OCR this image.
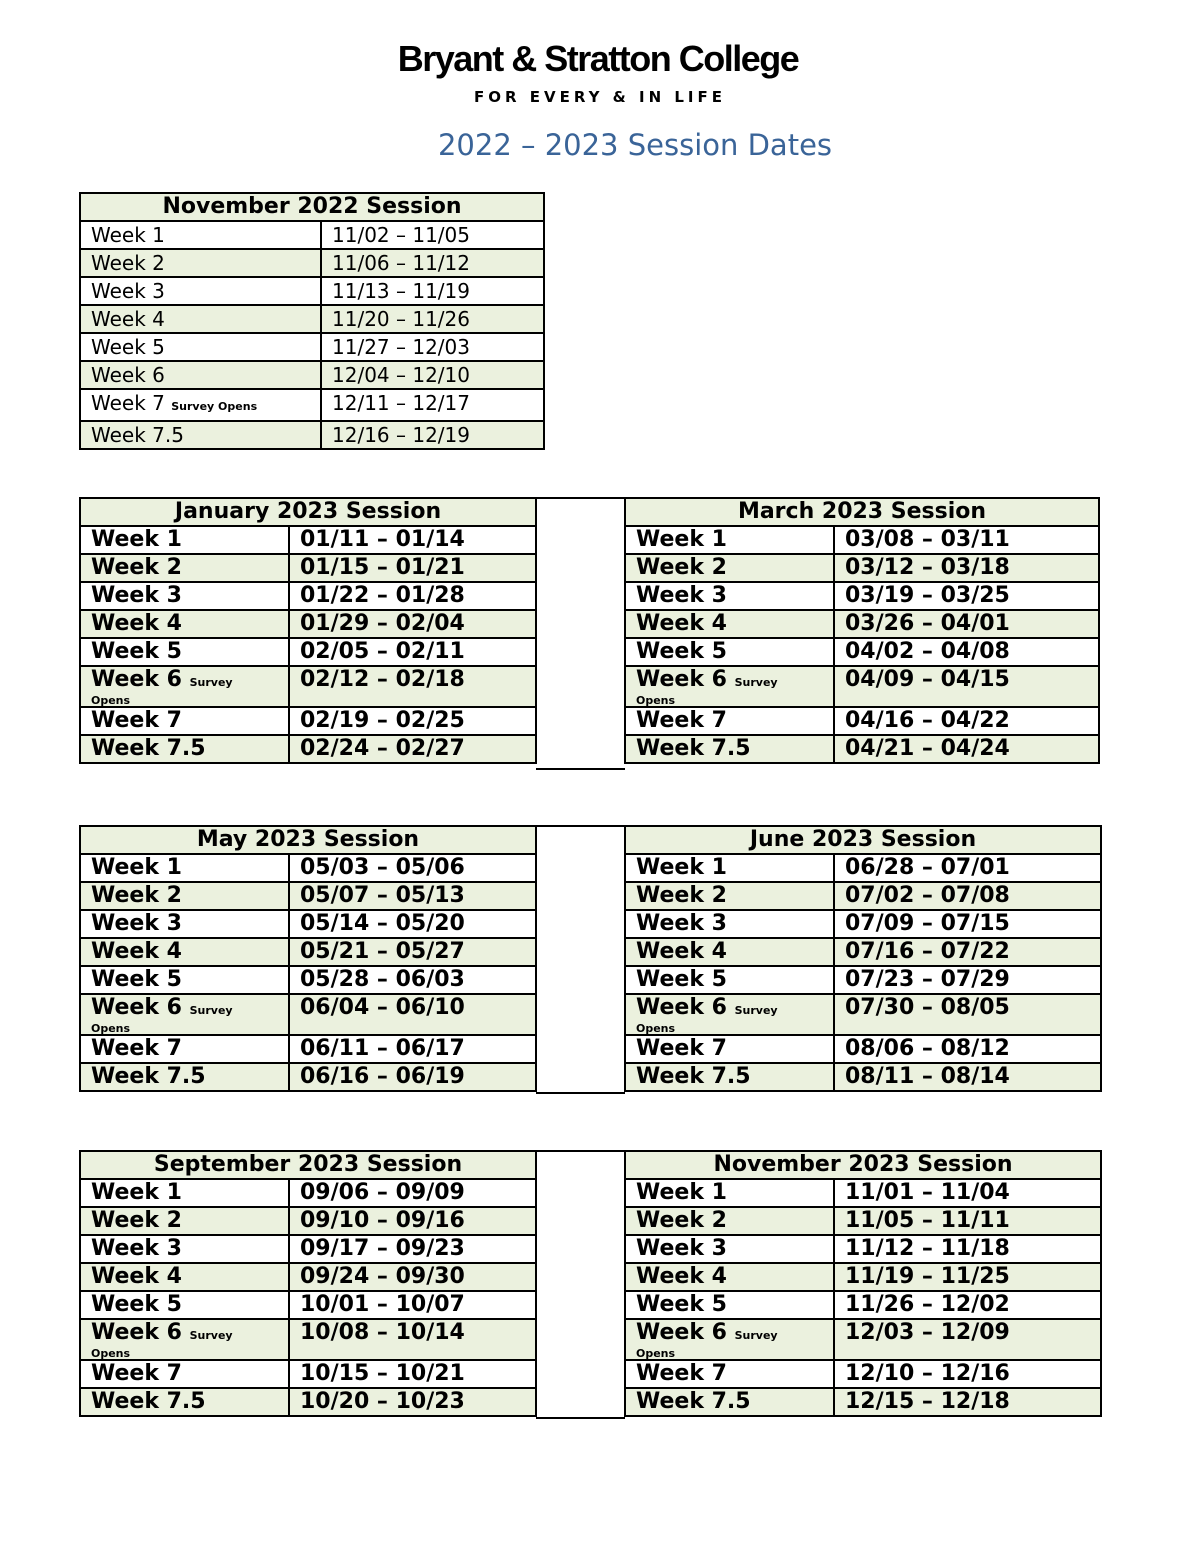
Bryant & Stratton College
FOR EVERY & IN LIFE
2022 – 2023 Session Dates
November 2022 Session	
Week 1	11/02 – 11/05
Week 2	11/06 – 11/12
Week 3	11/13 – 11/19
Week 4	11/20 – 11/26
Week 5	11/27 – 12/03
Week 6	12/04 – 12/10
Week 7 Survey Opens	12/11 – 12/17
Week 7.5	12/16 – 12/19
January 2023 Session	
Week 1	01/11 – 01/14
Week 2	01/15 – 01/21
Week 3	01/22 – 01/28
Week 4	01/29 – 02/04
Week 5	02/05 – 02/11
Week 6 Survey
Opens	02/12 – 02/18
Week 7	02/19 – 02/25
Week 7.5	02/24 – 02/27
March 2023 Session	
Week 1	03/08 – 03/11
Week 2	03/12 – 03/18
Week 3	03/19 – 03/25
Week 4	03/26 – 04/01
Week 5	04/02 – 04/08
Week 6 Survey
Opens	04/09 – 04/15
Week 7	04/16 – 04/22
Week 7.5	04/21 – 04/24
May 2023 Session	
Week 1	05/03 – 05/06
Week 2	05/07 – 05/13
Week 3	05/14 – 05/20
Week 4	05/21 – 05/27
Week 5	05/28 – 06/03
Week 6 Survey
Opens	06/04 – 06/10
Week 7	06/11 – 06/17
Week 7.5	06/16 – 06/19
June 2023 Session	
Week 1	06/28 – 07/01
Week 2	07/02 – 07/08
Week 3	07/09 – 07/15
Week 4	07/16 – 07/22
Week 5	07/23 – 07/29
Week 6 Survey
Opens	07/30 – 08/05
Week 7	08/06 – 08/12
Week 7.5	08/11 – 08/14
September 2023 Session	
Week 1	09/06 – 09/09
Week 2	09/10 – 09/16
Week 3	09/17 – 09/23
Week 4	09/24 – 09/30
Week 5	10/01 – 10/07
Week 6 Survey
Opens	10/08 – 10/14
Week 7	10/15 – 10/21
Week 7.5	10/20 – 10/23
November 2023 Session	
Week 1	11/01 – 11/04
Week 2	11/05 – 11/11
Week 3	11/12 – 11/18
Week 4	11/19 – 11/25
Week 5	11/26 – 12/02
Week 6 Survey
Opens	12/03 – 12/09
Week 7	12/10 – 12/16
Week 7.5	12/15 – 12/18
